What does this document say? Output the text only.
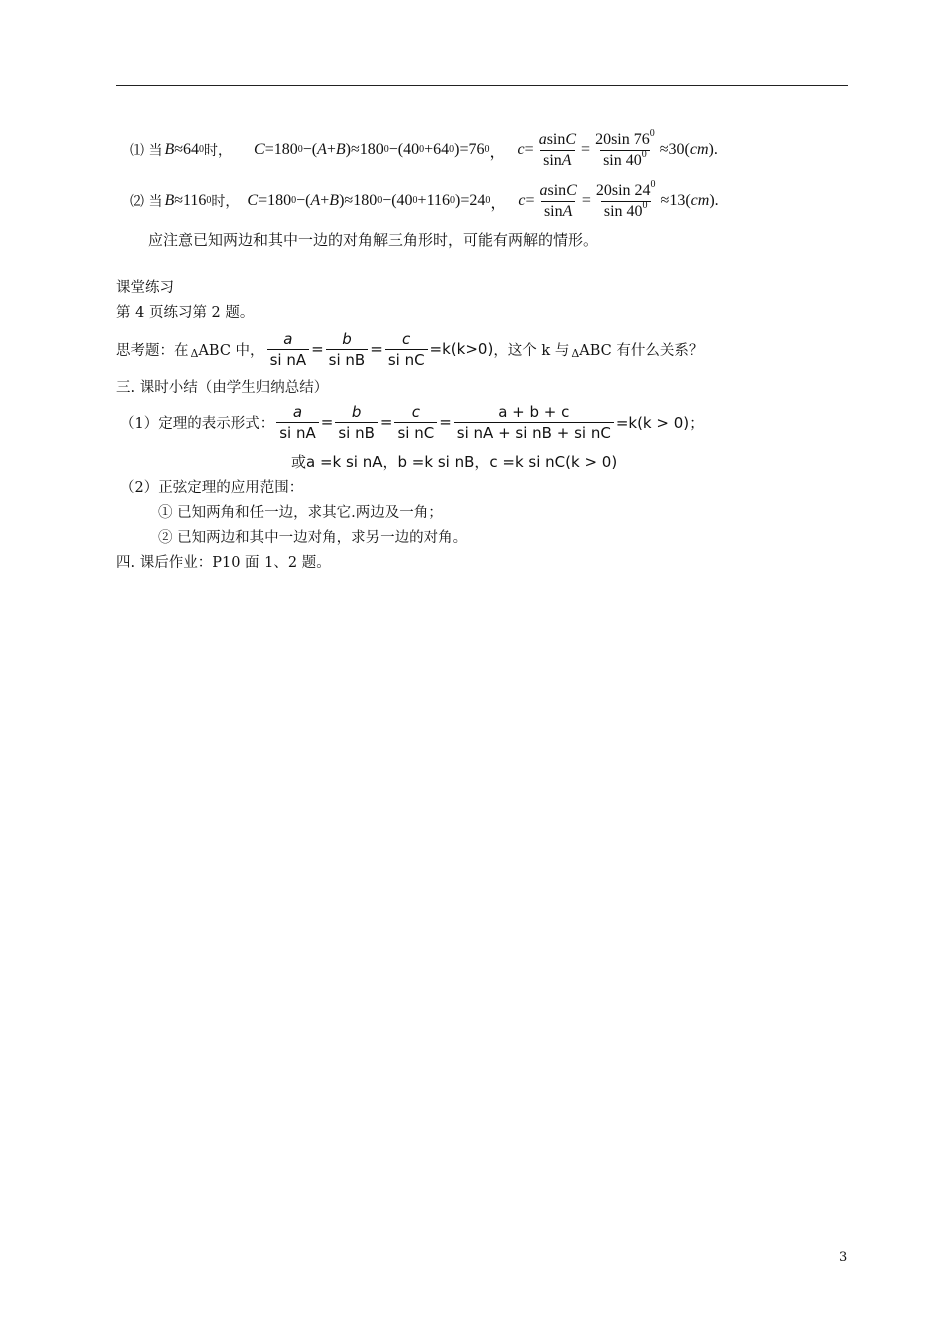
⑴ 当 B ≈64 0 时， C =180 0 −( A + B )≈180 0 −(40 0 +64 0 )=76 0 ， $c = \frac{asinC}{\sin A} = \frac{20\sin 76^0}{\sin 40^0} \approx 30$( cm ).
⑵ 当 B ≈116 0 时， C =180 0 −( A + B )≈180 0 −(40 0 +116 0 )=24 0 ， $c = \frac{asinC}{\sin A} = \frac{20\sin 24^0}{\sin 40^0} \approx 13$( cm ).
应注意已知两边和其中一边的对角解三角形时，可能有两解的情形。
课堂练习
第 4 页练习第 2 题。
思考题：在 Δ ABC 中， $\frac{a}{\text{si nA}} = \frac{b}{\text{si nB}} = \frac{c}{\text{si nC}} =k(k>0)$ ，这个 k 与 Δ ABC 有什么关系？
三. 课时小结（由学生归纳总结）
（1）定理的表示形式： $\frac{a}{\text{si nA}} = \frac{b}{\text{si nB}} = \frac{c}{\text{si nC}} = \frac{a + b + c}{\text{si nA + si nB + si nC}} =k(k > 0)$；
或a =k si nA，b =k si nB，c =k si nC(k > 0)
（2）正弦定理的应用范围：
① 已知两角和任一边，求其它.两边及一角；
② 已知两边和其中一边对角，求另一边的对角。
四. 课后作业：P10 面 1、2 题。
3
